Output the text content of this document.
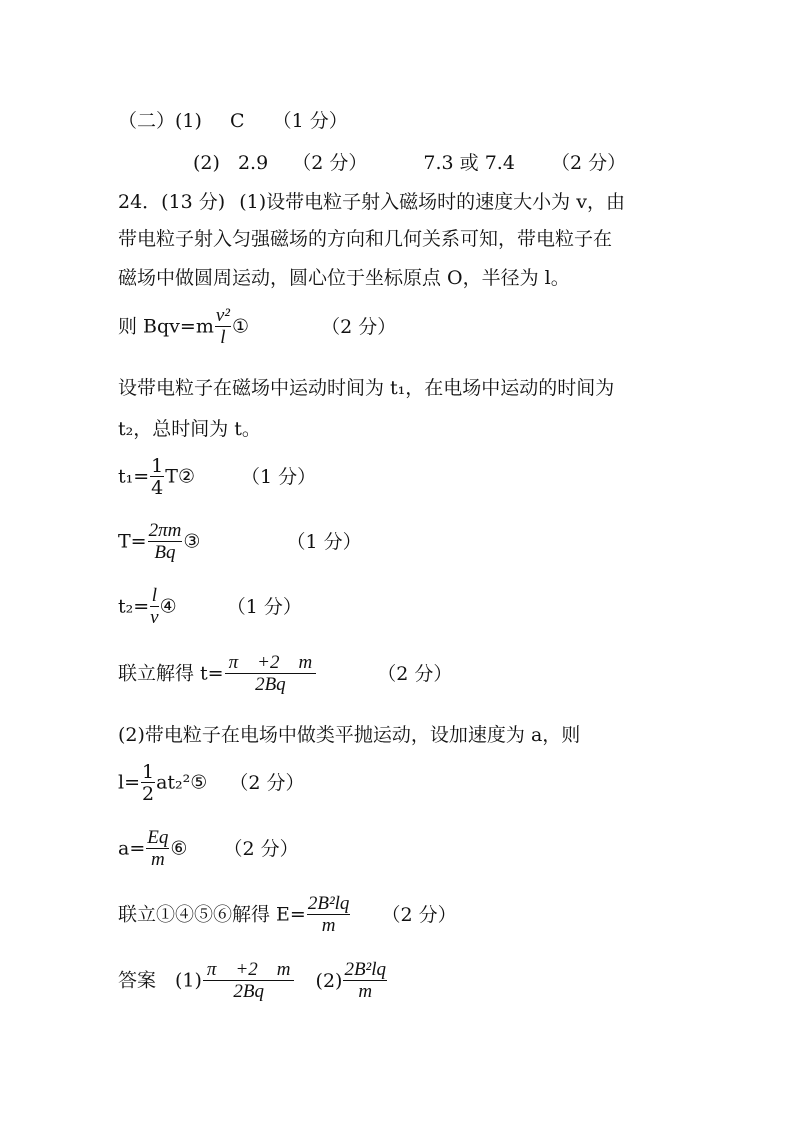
（二）(1) C （1 分）
(2) 2.9 （2 分）	7.3 或 7.4 （2 分）
24．(13 分) (1)设带电粒子射入磁场时的速度大小为 v，由
带电粒子射入匀强磁场的方向和几何关系可知，带电粒子在
磁场中做圆周运动，圆心位于坐标原点 O，半径为 l。
则 $Bqv=m \frac{\text{v²}}{l}$ ①	（2 分）
设带电粒子在磁场中运动时间为 t₁，在电场中运动的时间为
t₂，总时间为 t。
$t_1= \frac{1}{4}$ T② （1 分）
$T= \frac{2\pi m}{Bq}$ ③	（1 分）
$t_2= \frac{l}{v}$ ④	（1 分）
联立解得 $t= \frac{\pi +2 m}{2Bq}$	（2 分）
(2)带电粒子在电场中做类平抛运动，设加速度为 a，则
$l= \frac{1}{2}$ at₂²⑤ （2 分）
$a= \frac{Eq}{m}$ ⑥ （2 分）
联立①④⑤⑥解得 $E= \frac{\text{2B²lq}}{m} (2$ 分）
答案　$(1) \frac{\pi +2 m}{2Bq} (2) \frac{\text{2B²lq}}{m}$
